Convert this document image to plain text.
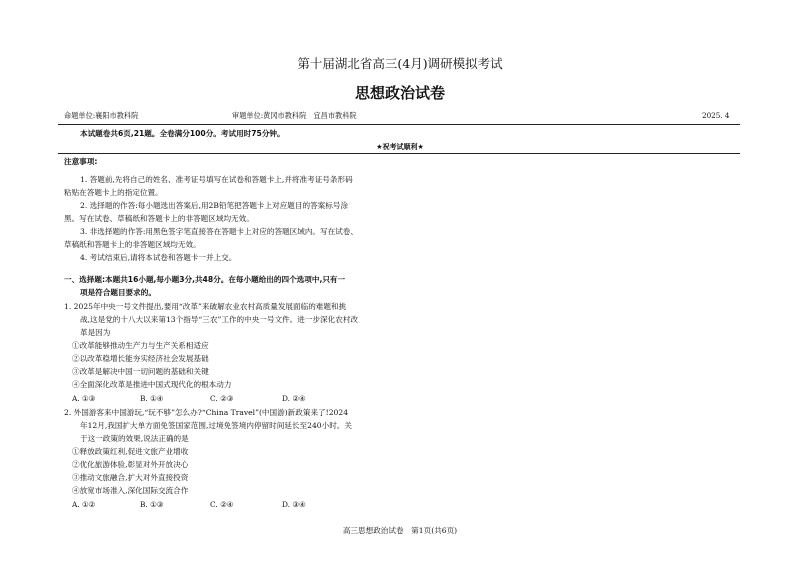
第十届湖北省高三(4月)调研模拟考试
思想政治试卷
命题单位:襄阳市教科院	审题单位:黄冈市教科院　宜昌市教科院	2025. 4
本试题卷共6页,21题。全卷满分100分。考试用时75分钟。
★祝考试顺利★
注意事项:
1. 答题前,先将自己的姓名、准考证号填写在试卷和答题卡上,并将准考证号条形码
粘贴在答题卡上的指定位置。
2. 选择题的作答:每小题选出答案后,用2B铅笔把答题卡上对应题目的答案标号涂
黑。写在试卷、草稿纸和答题卡上的非答题区域均无效。
3. 非选择题的作答:用黑色签字笔直接答在答题卡上对应的答题区域内。写在试卷、
草稿纸和答题卡上的非答题区域均无效。
4. 考试结束后,请将本试卷和答题卡一并上交。
一、选择题:本题共16小题,每小题3分,共48分。在每小题给出的四个选项中,只有一
项是符合题目要求的。
1. 2025年中央一号文件提出,要用“改革”来破解农业农村高质量发展面临的难题和挑
战,这是党的十八大以来第13个指导“三农”工作的中央一号文件。进一步深化农村改
革是因为
①改革能够推动生产力与生产关系相适应
②以改革稳增长能夯实经济社会发展基础
③改革是解决中国一切问题的基础和关键
④全面深化改革是推进中国式现代化的根本动力
A. ①③	B. ①④	C. ②③	D. ②④
2. 外国游客来中国游玩,“玩不够”怎么办?“China Travel”(中国游)新政策来了!2024
年12月,我国扩大单方面免签国家范围,过境免签境内停留时间延长至240小时。关
于这一政策的效果,说法正确的是
①释放政策红利,促进文旅产业增收
②优化旅游体验,彰显对外开放决心
③推动文旅融合,扩大对外直接投资
④放宽市场准入,深化国际交流合作
A. ①②	B. ①③	C. ②④	D. ③④
高三思想政治试卷　第1页(共6页)
